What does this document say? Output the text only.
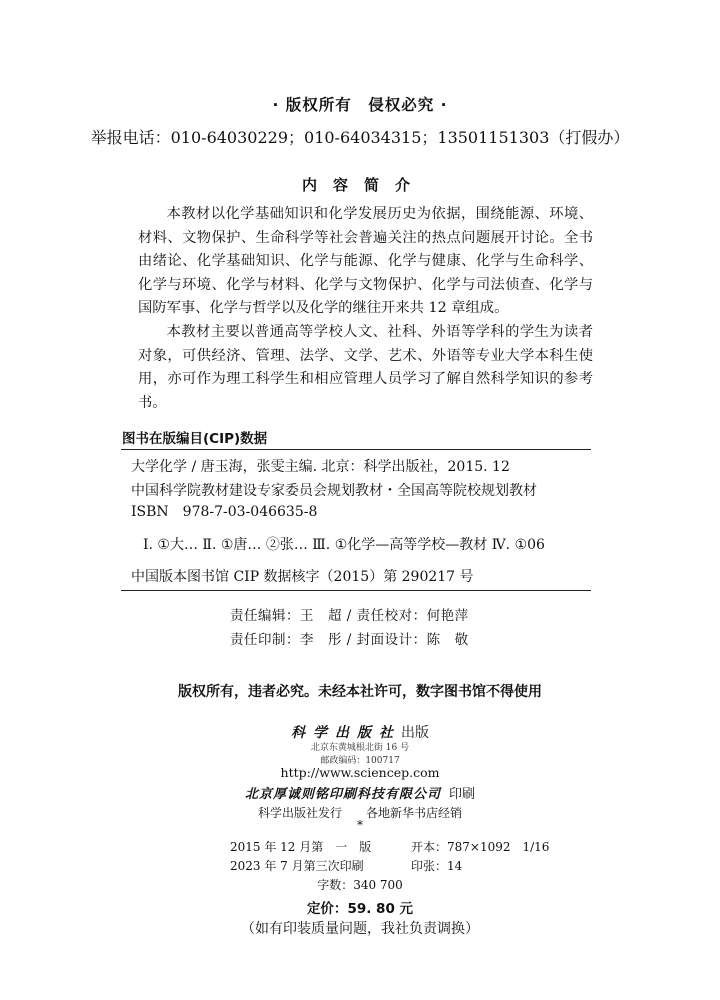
· 版权所有　侵权必究 ·
举报电话：010-64030229；010-64034315；13501151303（打假办）
内容简介

本教材以化学基础知识和化学发展历史为依据，围绕能源、环境、材料、文物保护、生命科学等社会普遍关注的热点问题展开讨论。全书由绪论、化学基础知识、化学与能源、化学与健康、化学与生命科学、化学与环境、化学与材料、化学与文物保护、化学与司法侦查、化学与国防军事、化学与哲学以及化学的继往开来共 12 章组成。

本教材主要以普通高等学校人文、社科、外语等学科的学生为读者对象，可供经济、管理、法学、文学、艺术、外语等专业大学本科生使用，亦可作为理工科学生和相应管理人员学习了解自然科学知识的参考书。

图书在版编目(CIP)数据
大学化学 / 唐玉海，张雯主编. 北京：科学出版社，2015. 12
中国科学院教材建设专家委员会规划教材・全国高等院校规划教材
ISBN 978-7-03-046635-8
Ⅰ. ①大… Ⅱ. ①唐… ②张… Ⅲ. ①化学—高等学校—教材 Ⅳ. ①06
中国版本图书馆 CIP 数据核字（2015）第 290217 号
责任编辑：王　超 / 责任校对：何艳萍
责任印制：李　彤 / 封面设计：陈　敬
版权所有，违者必究。未经本社许可，数字图书馆不得使用
科学出版社出版
北京东黄城根北街 16 号
邮政编码：100717
http://www.sciencep.com
北京厚诚则铭印刷科技有限公司 印刷
科学出版社发行　　各地新华书店经销
*
2015 年 12 月第　一　版	开本：787×1092　1/16
2023 年 7 月第三次印刷	印张：14
字数：340 700
定价：59. 80 元
（如有印装质量问题，我社负责调换）
